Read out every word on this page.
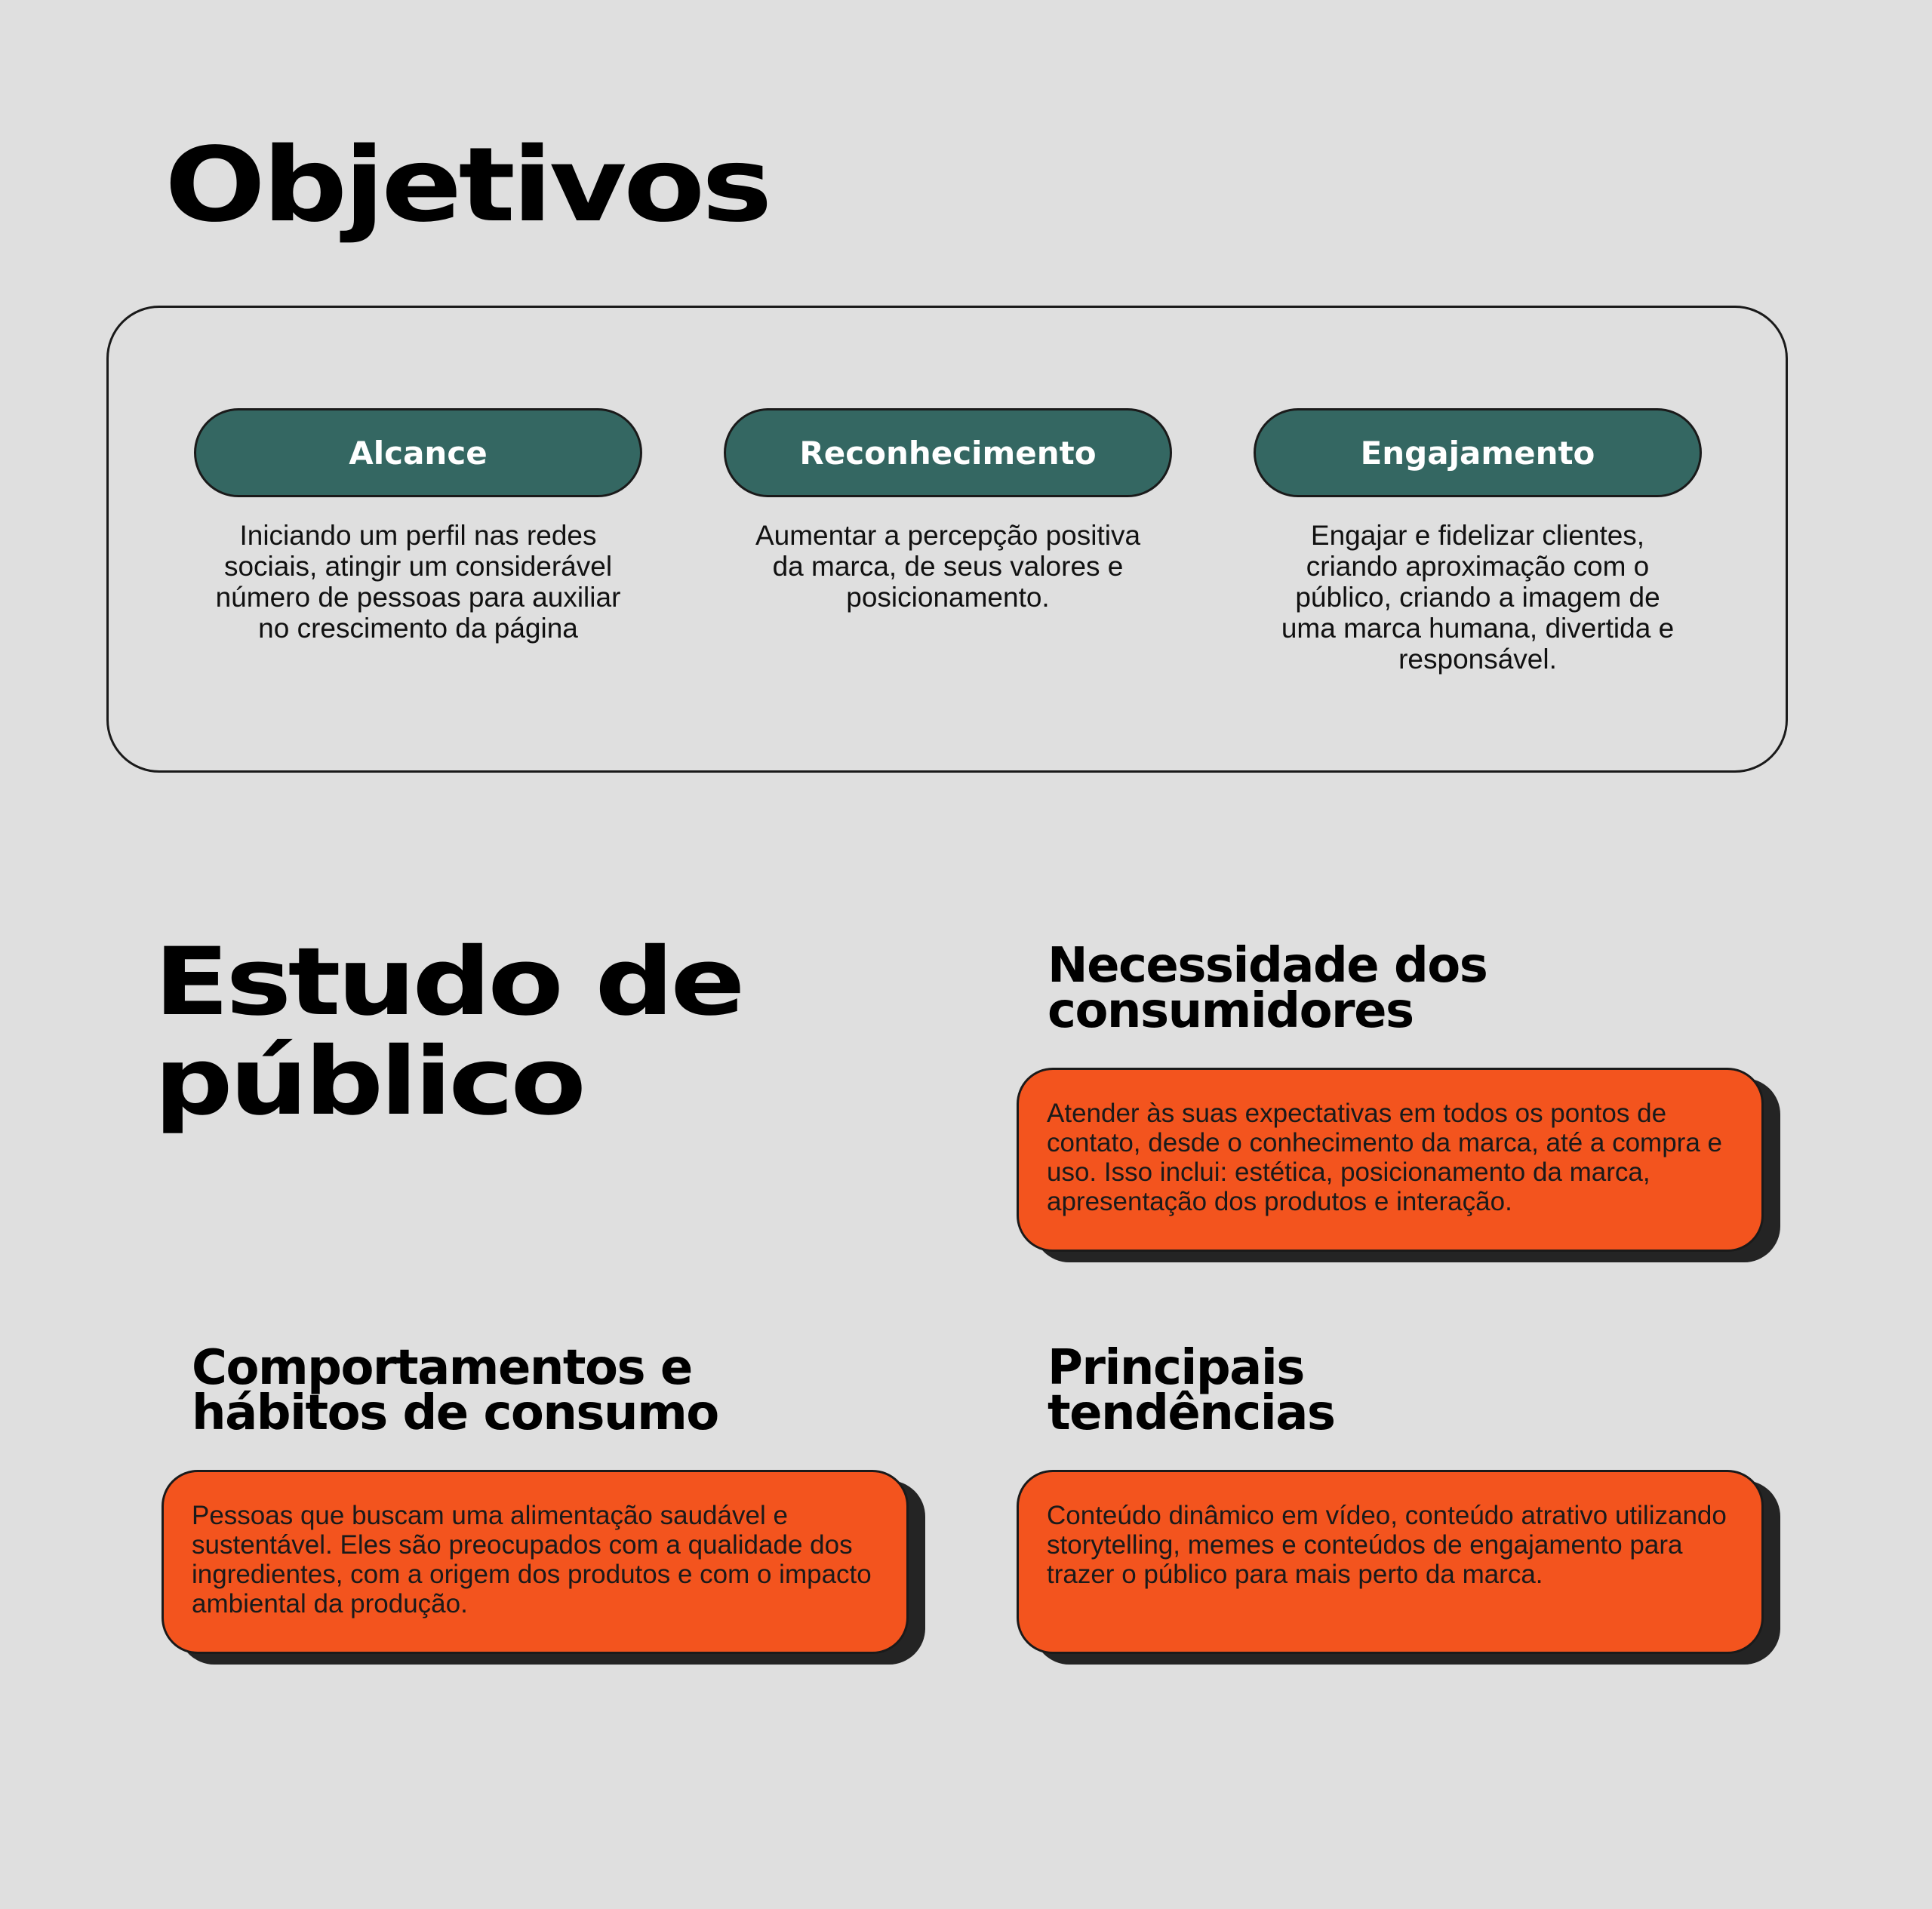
Objetivos
Alcance

Iniciando um perfil nas redes sociais, atingir um considerável número de pessoas para auxiliar no crescimento da página

Reconhecimento

Aumentar a percepção positiva da marca, de seus valores e posicionamento.

Engajamento

Engajar e fidelizar clientes, criando aproximação com o público, criando a imagem de uma marca humana, divertida e responsável.

Estudo de público
Necessidade dos consumidores
Atender às suas expectativas em todos os pontos de contato, desde o conhecimento da marca, até a compra e uso. Isso inclui: estética, posicionamento da marca, apresentação dos produtos e interação.
Comportamentos e hábitos de consumo
Pessoas que buscam uma alimentação saudável e sustentável. Eles são preocupados com a qualidade dos ingredientes, com a origem dos produtos e com o impacto ambiental da produção.
Principais tendências
Conteúdo dinâmico em vídeo, conteúdo atrativo utilizando storytelling, memes e conteúdos de engajamento para trazer o público para mais perto da marca.
